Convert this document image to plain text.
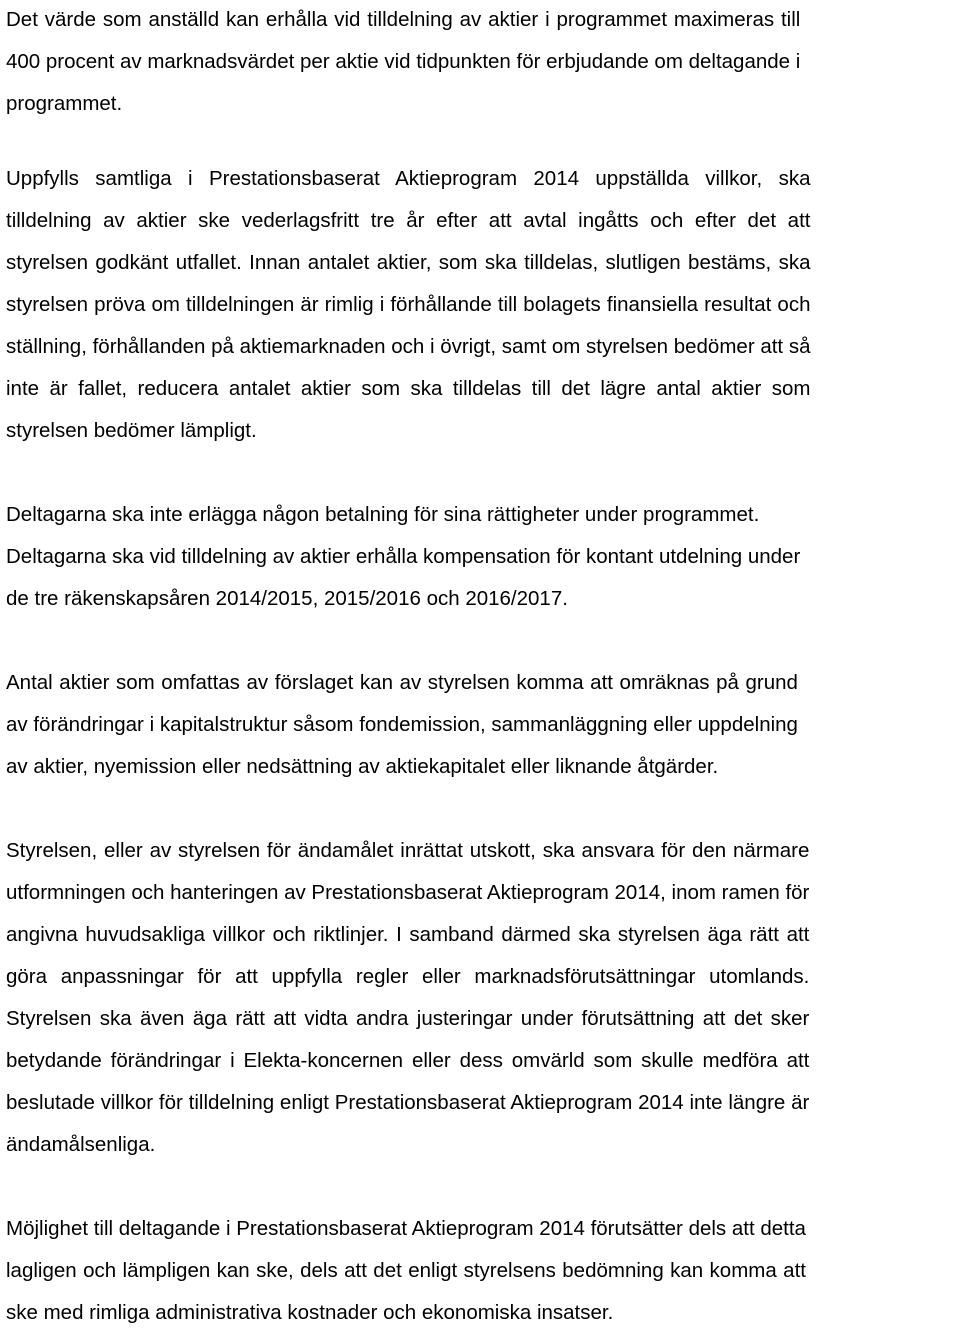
Det värde som anställd kan erhålla vid tilldelning av aktier i programmet maximeras till
400 procent av marknadsvärdet per aktie vid tidpunkten för erbjudande om deltagande i
programmet.
Uppfylls samtliga i Prestationsbaserat Aktieprogram 2014 uppställda villkor, ska
tilldelning av aktier ske vederlagsfritt tre år efter att avtal ingåtts och efter det att
styrelsen godkänt utfallet. Innan antalet aktier, som ska tilldelas, slutligen bestäms, ska
styrelsen pröva om tilldelningen är rimlig i förhållande till bolagets finansiella resultat och
ställning, förhållanden på aktiemarknaden och i övrigt, samt om styrelsen bedömer att så
inte är fallet, reducera antalet aktier som ska tilldelas till det lägre antal aktier som
styrelsen bedömer lämpligt.
Deltagarna ska inte erlägga någon betalning för sina rättigheter under programmet.
Deltagarna ska vid tilldelning av aktier erhålla kompensation för kontant utdelning under
de tre räkenskapsåren 2014/2015, 2015/2016 och 2016/2017.
Antal aktier som omfattas av förslaget kan av styrelsen komma att omräknas på grund
av förändringar i kapitalstruktur såsom fondemission, sammanläggning eller uppdelning
av aktier, nyemission eller nedsättning av aktiekapitalet eller liknande åtgärder.
Styrelsen, eller av styrelsen för ändamålet inrättat utskott, ska ansvara för den närmare
utformningen och hanteringen av Prestationsbaserat Aktieprogram 2014, inom ramen för
angivna huvudsakliga villkor och riktlinjer. I samband därmed ska styrelsen äga rätt att
göra anpassningar för att uppfylla regler eller marknadsförutsättningar utomlands.
Styrelsen ska även äga rätt att vidta andra justeringar under förutsättning att det sker
betydande förändringar i Elekta-koncernen eller dess omvärld som skulle medföra att
beslutade villkor för tilldelning enligt Prestationsbaserat Aktieprogram 2014 inte längre är
ändamålsenliga.
Möjlighet till deltagande i Prestationsbaserat Aktieprogram 2014 förutsätter dels att detta
lagligen och lämpligen kan ske, dels att det enligt styrelsens bedömning kan komma att
ske med rimliga administrativa kostnader och ekonomiska insatser.
